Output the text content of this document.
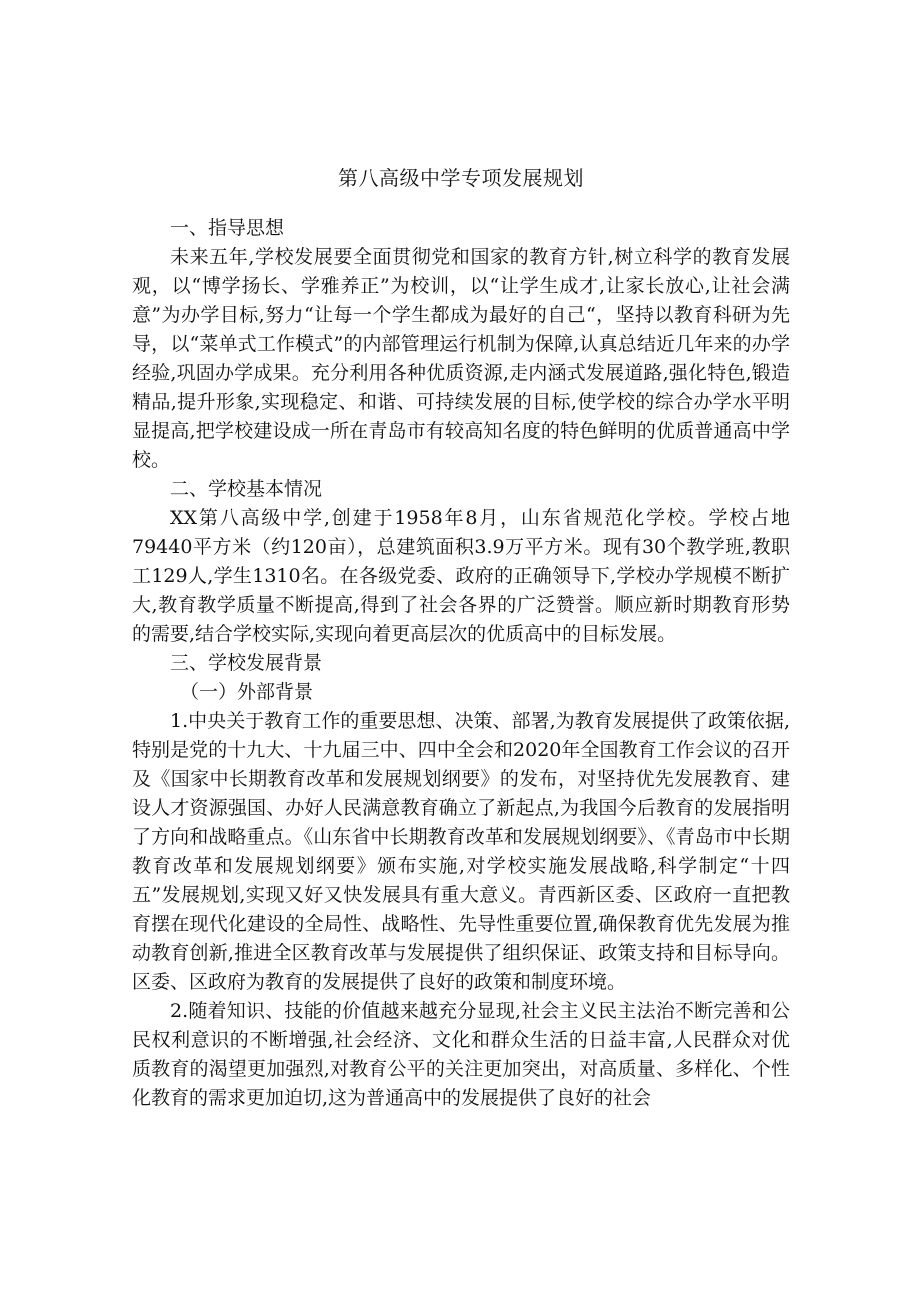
第八高级中学专项发展规划

一、指导思想

未来五年,学校发展要全面贯彻党和国家的教育方针,树立科学的教育发展观，以“博学扬长、学雅养正”为校训，以“让学生成才,让家长放心,让社会满意”为办学目标,努力“让每一个学生都成为最好的自己“，坚持以教育科研为先导，以“菜单式工作模式”的内部管理运行机制为保障,认真总结近几年来的办学经验,巩固办学成果。充分利用各种优质资源,走内涵式发展道路,强化特色,锻造精品,提升形象,实现稳定、和谐、可持续发展的目标,使学校的综合办学水平明显提高,把学校建设成一所在青岛市有较高知名度的特色鲜明的优质普通高中学校。

二、学校基本情况

XX第八高级中学,创建于1958年8月，山东省规范化学校。学校占地79440平方米（约120亩），总建筑面积3.9万平方米。现有30个教学班,教职工129人,学生1310名。在各级党委、政府的正确领导下,学校办学规模不断扩大,教育教学质量不断提高,得到了社会各界的广泛赞誉。顺应新时期教育形势的需要,结合学校实际,实现向着更高层次的优质高中的目标发展。

三、学校发展背景

（一）外部背景

1.中央关于教育工作的重要思想、决策、部署,为教育发展提供了政策依据,特别是党的十九大、十九届三中、四中全会和2020年全国教育工作会议的召开及《国家中长期教育改革和发展规划纲要》的发布，对坚持优先发展教育、建设人才资源强国、办好人民满意教育确立了新起点,为我国今后教育的发展指明了方向和战略重点。《山东省中长期教育改革和发展规划纲要》、《青岛市中长期教育改革和发展规划纲要》颁布实施,对学校实施发展战略,科学制定“十四五”发展规划,实现又好又快发展具有重大意义。青西新区委、区政府一直把教育摆在现代化建设的全局性、战略性、先导性重要位置,确保教育优先发展为推动教育创新,推进全区教育改革与发展提供了组织保证、政策支持和目标导向。区委、区政府为教育的发展提供了良好的政策和制度环境。

2.随着知识、技能的价值越来越充分显现,社会主义民主法治不断完善和公民权利意识的不断增强,社会经济、文化和群众生活的日益丰富,人民群众对优质教育的渴望更加强烈,对教育公平的关注更加突出，对高质量、多样化、个性化教育的需求更加迫切,这为普通高中的发展提供了良好的社会
